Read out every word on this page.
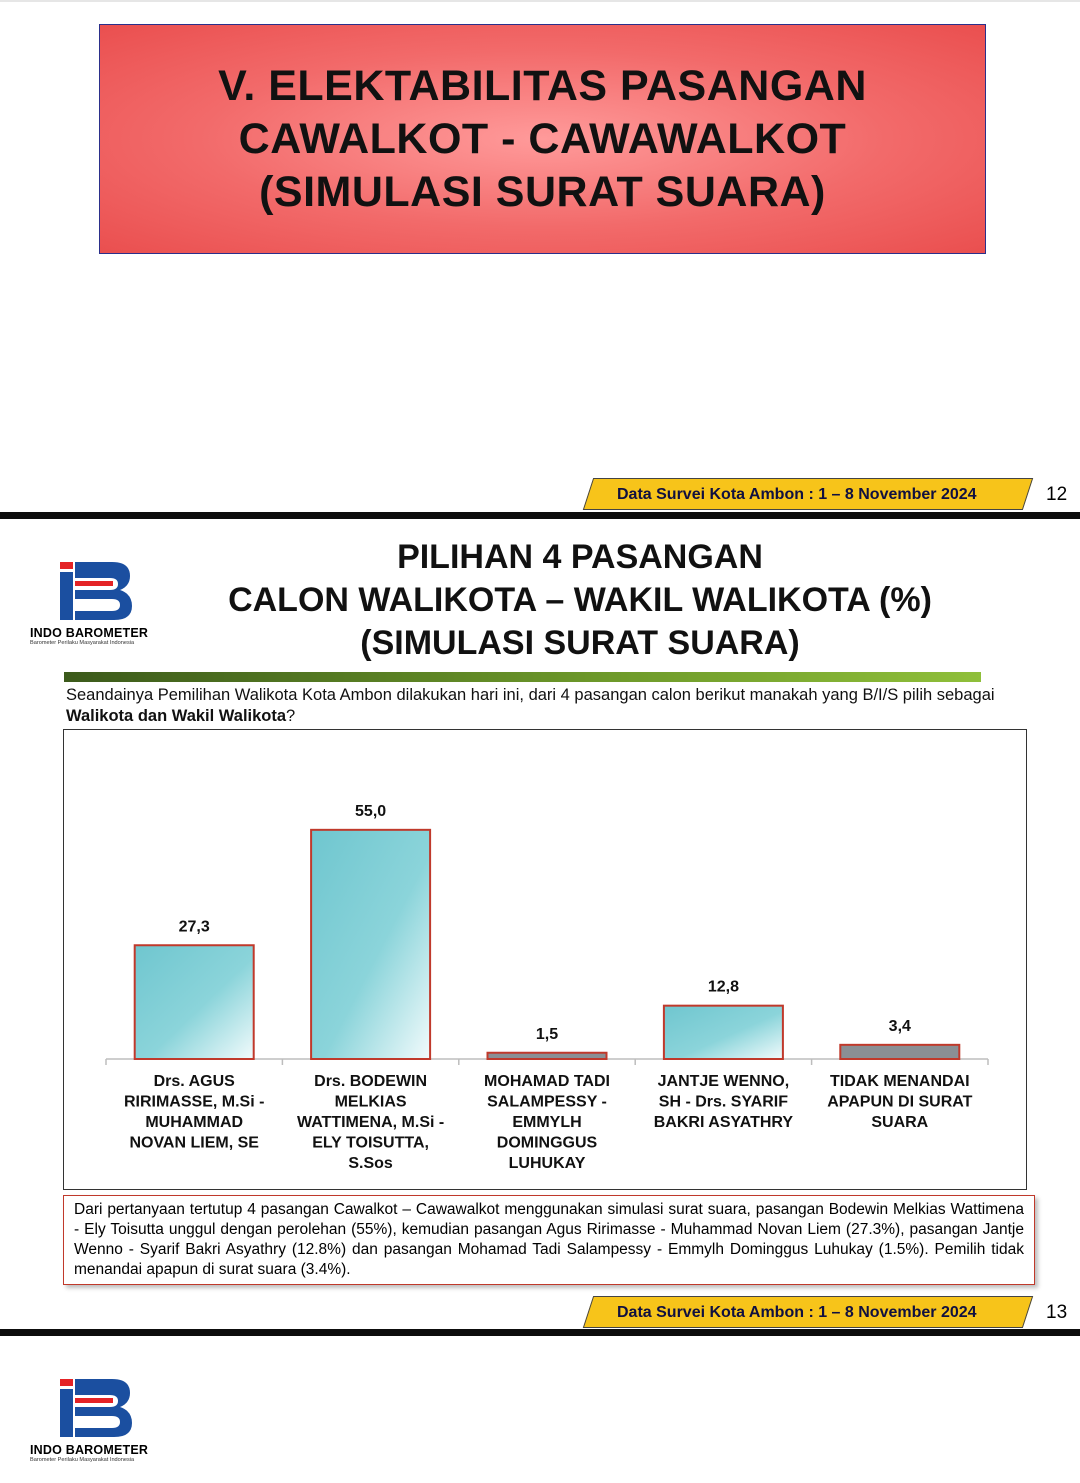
V. ELEKTABILITAS PASANGAN
CAWALKOT - CAWAWALKOT
(SIMULASI SURAT SUARA)
Data Survei Kota Ambon : 1 – 8 November 2024	12
INDO BAROMETER
Barometer Perilaku Masyarakat Indonesia
PILIHAN 4 PASANGAN
CALON WALIKOTA – WAKIL WALIKOTA (%)
(SIMULASI SURAT SUARA)
Seandainya Pemilihan Walikota Kota Ambon dilakukan hari ini, dari 4 pasangan calon berikut manakah yang B/I/S pilih sebagai Walikota dan Wakil Walikota?
27,3
Drs. AGUS
RIRIMASSE, M.Si -
MUHAMMAD
NOVAN LIEM, SE
55,0
Drs. BODEWIN
MELKIAS
WATTIMENA, M.Si -
ELY TOISUTTA,
S.Sos
1,5
MOHAMAD TADI
SALAMPESSY -
EMMYLH
DOMINGGUS
LUHUKAY
12,8
JANTJE WENNO,
SH - Drs. SYARIF
BAKRI ASYATHRY
3,4
TIDAK MENANDAI
APAPUN DI SURAT
SUARA
Dari pertanyaan tertutup 4 pasangan Cawalkot – Cawawalkot menggunakan simulasi surat suara, pasangan Bodewin Melkias Wattimena - Ely Toisutta unggul dengan perolehan (55%), kemudian pasangan Agus Ririmasse - Muhammad Novan Liem (27.3%), pasangan Jantje Wenno - Syarif Bakri Asyathry (12.8%) dan pasangan Mohamad Tadi Salampessy - Emmylh Dominggus Luhukay (1.5%). Pemilih tidak menandai apapun di surat suara (3.4%).
Data Survei Kota Ambon : 1 – 8 November 2024	13
INDO BAROMETER
Barometer Perilaku Masyarakat Indonesia
